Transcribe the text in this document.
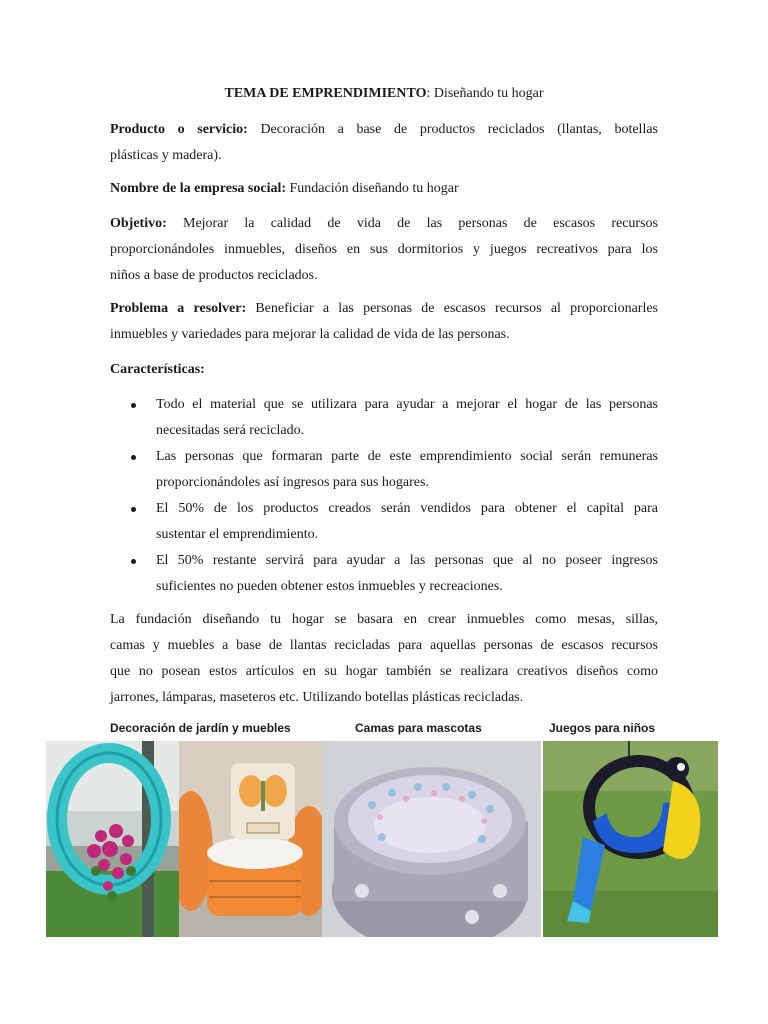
TEMA DE EMPRENDIMIENTO: Diseñando tu hogar
Producto o servicio: Decoración a base de productos reciclados (llantas, botellas
plásticas y madera).
Nombre de la empresa social: Fundación diseñando tu hogar
Objetivo: Mejorar la calidad de vida de las personas de escasos recursos
proporcionándoles inmuebles, diseños en sus dormitorios y juegos recreativos para los
niños a base de productos reciclados.
Problema a resolver: Beneficiar a las personas de escasos recursos al proporcionarles
inmuebles y variedades para mejorar la calidad de vida de las personas.
Características:
Todo el material que se utilizara para ayudar a mejorar el hogar de las personas
necesitadas será reciclado.
Las personas que formaran parte de este emprendimiento social serán remuneras
proporcionándoles así ingresos para sus hogares.
El 50% de los productos creados serán vendidos para obtener el capital para
sustentar el emprendimiento.
El 50% restante servirá para ayudar a las personas que al no poseer ingresos
suficientes no pueden obtener estos inmuebles y recreaciones.
La fundación diseñando tu hogar se basara en crear inmuebles como mesas, sillas,
camas y muebles a base de llantas recicladas para aquellas personas de escasos recursos
que no posean estos artículos en su hogar también se realizara creativos diseños como
jarrones, lámparas, maseteros etc. Utilizando botellas plásticas recicladas.
Decoración de jardín y muebles	Camas para mascotas	Juegos para niños
